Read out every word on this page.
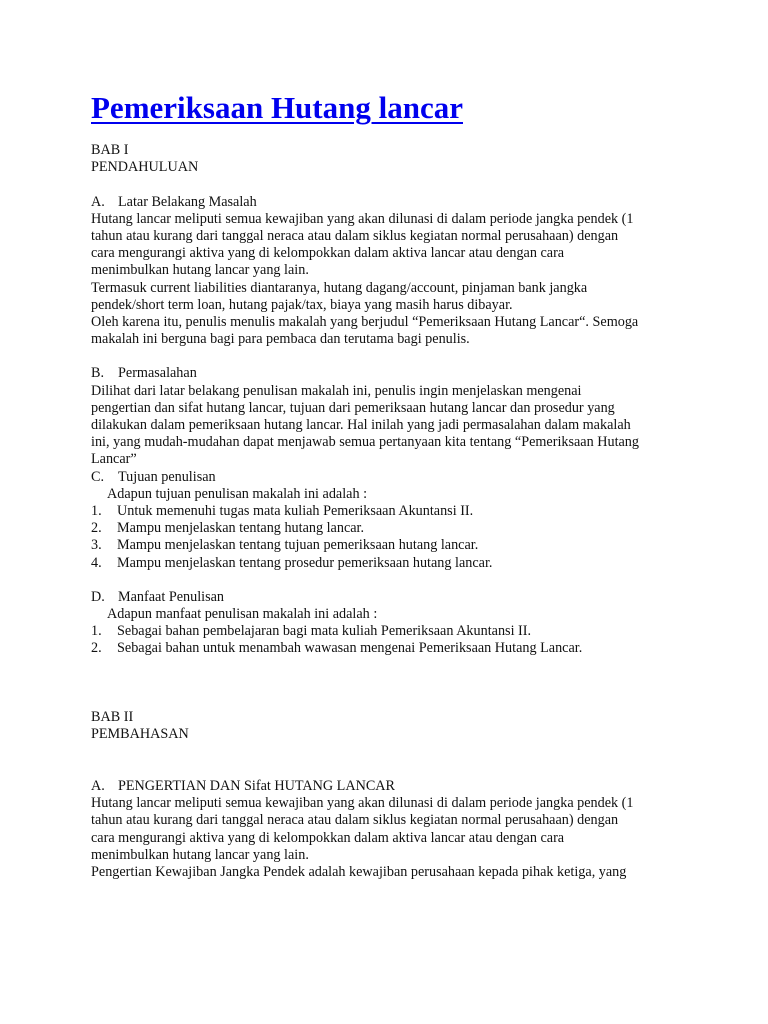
Pemeriksaan Hutang lancar
BAB I
PENDAHULUAN
A. Latar Belakang Masalah
Hutang lancar meliputi semua kewajiban yang akan dilunasi di dalam periode jangka pendek (1
tahun atau kurang dari tanggal neraca atau dalam siklus kegiatan normal perusahaan) dengan
cara mengurangi aktiva yang di kelompokkan dalam aktiva lancar atau dengan cara
menimbulkan hutang lancar yang lain.
Termasuk current liabilities diantaranya, hutang dagang/account, pinjaman bank jangka
pendek/short term loan, hutang pajak/tax, biaya yang masih harus dibayar.
Oleh karena itu, penulis menulis makalah yang berjudul “Pemeriksaan Hutang Lancar“. Semoga
makalah ini berguna bagi para pembaca dan terutama bagi penulis.
B. Permasalahan
Dilihat dari latar belakang penulisan makalah ini, penulis ingin menjelaskan mengenai
pengertian dan sifat hutang lancar, tujuan dari pemeriksaan hutang lancar dan prosedur yang
dilakukan dalam pemeriksaan hutang lancar. Hal inilah yang jadi permasalahan dalam makalah
ini, yang mudah-mudahan dapat menjawab semua pertanyaan kita tentang “Pemeriksaan Hutang
Lancar”
C. Tujuan penulisan
Adapun tujuan penulisan makalah ini adalah :
1. Untuk memenuhi tugas mata kuliah Pemeriksaan Akuntansi II.
2. Mampu menjelaskan tentang hutang lancar.
3. Mampu menjelaskan tentang tujuan pemeriksaan hutang lancar.
4. Mampu menjelaskan tentang prosedur pemeriksaan hutang lancar.
D. Manfaat Penulisan
Adapun manfaat penulisan makalah ini adalah :
1. Sebagai bahan pembelajaran bagi mata kuliah Pemeriksaan Akuntansi II.
2. Sebagai bahan untuk menambah wawasan mengenai Pemeriksaan Hutang Lancar.
BAB II
PEMBAHASAN
A. PENGERTIAN DAN Sifat HUTANG LANCAR
Hutang lancar meliputi semua kewajiban yang akan dilunasi di dalam periode jangka pendek (1
tahun atau kurang dari tanggal neraca atau dalam siklus kegiatan normal perusahaan) dengan
cara mengurangi aktiva yang di kelompokkan dalam aktiva lancar atau dengan cara
menimbulkan hutang lancar yang lain.
Pengertian Kewajiban Jangka Pendek adalah kewajiban perusahaan kepada pihak ketiga, yang
